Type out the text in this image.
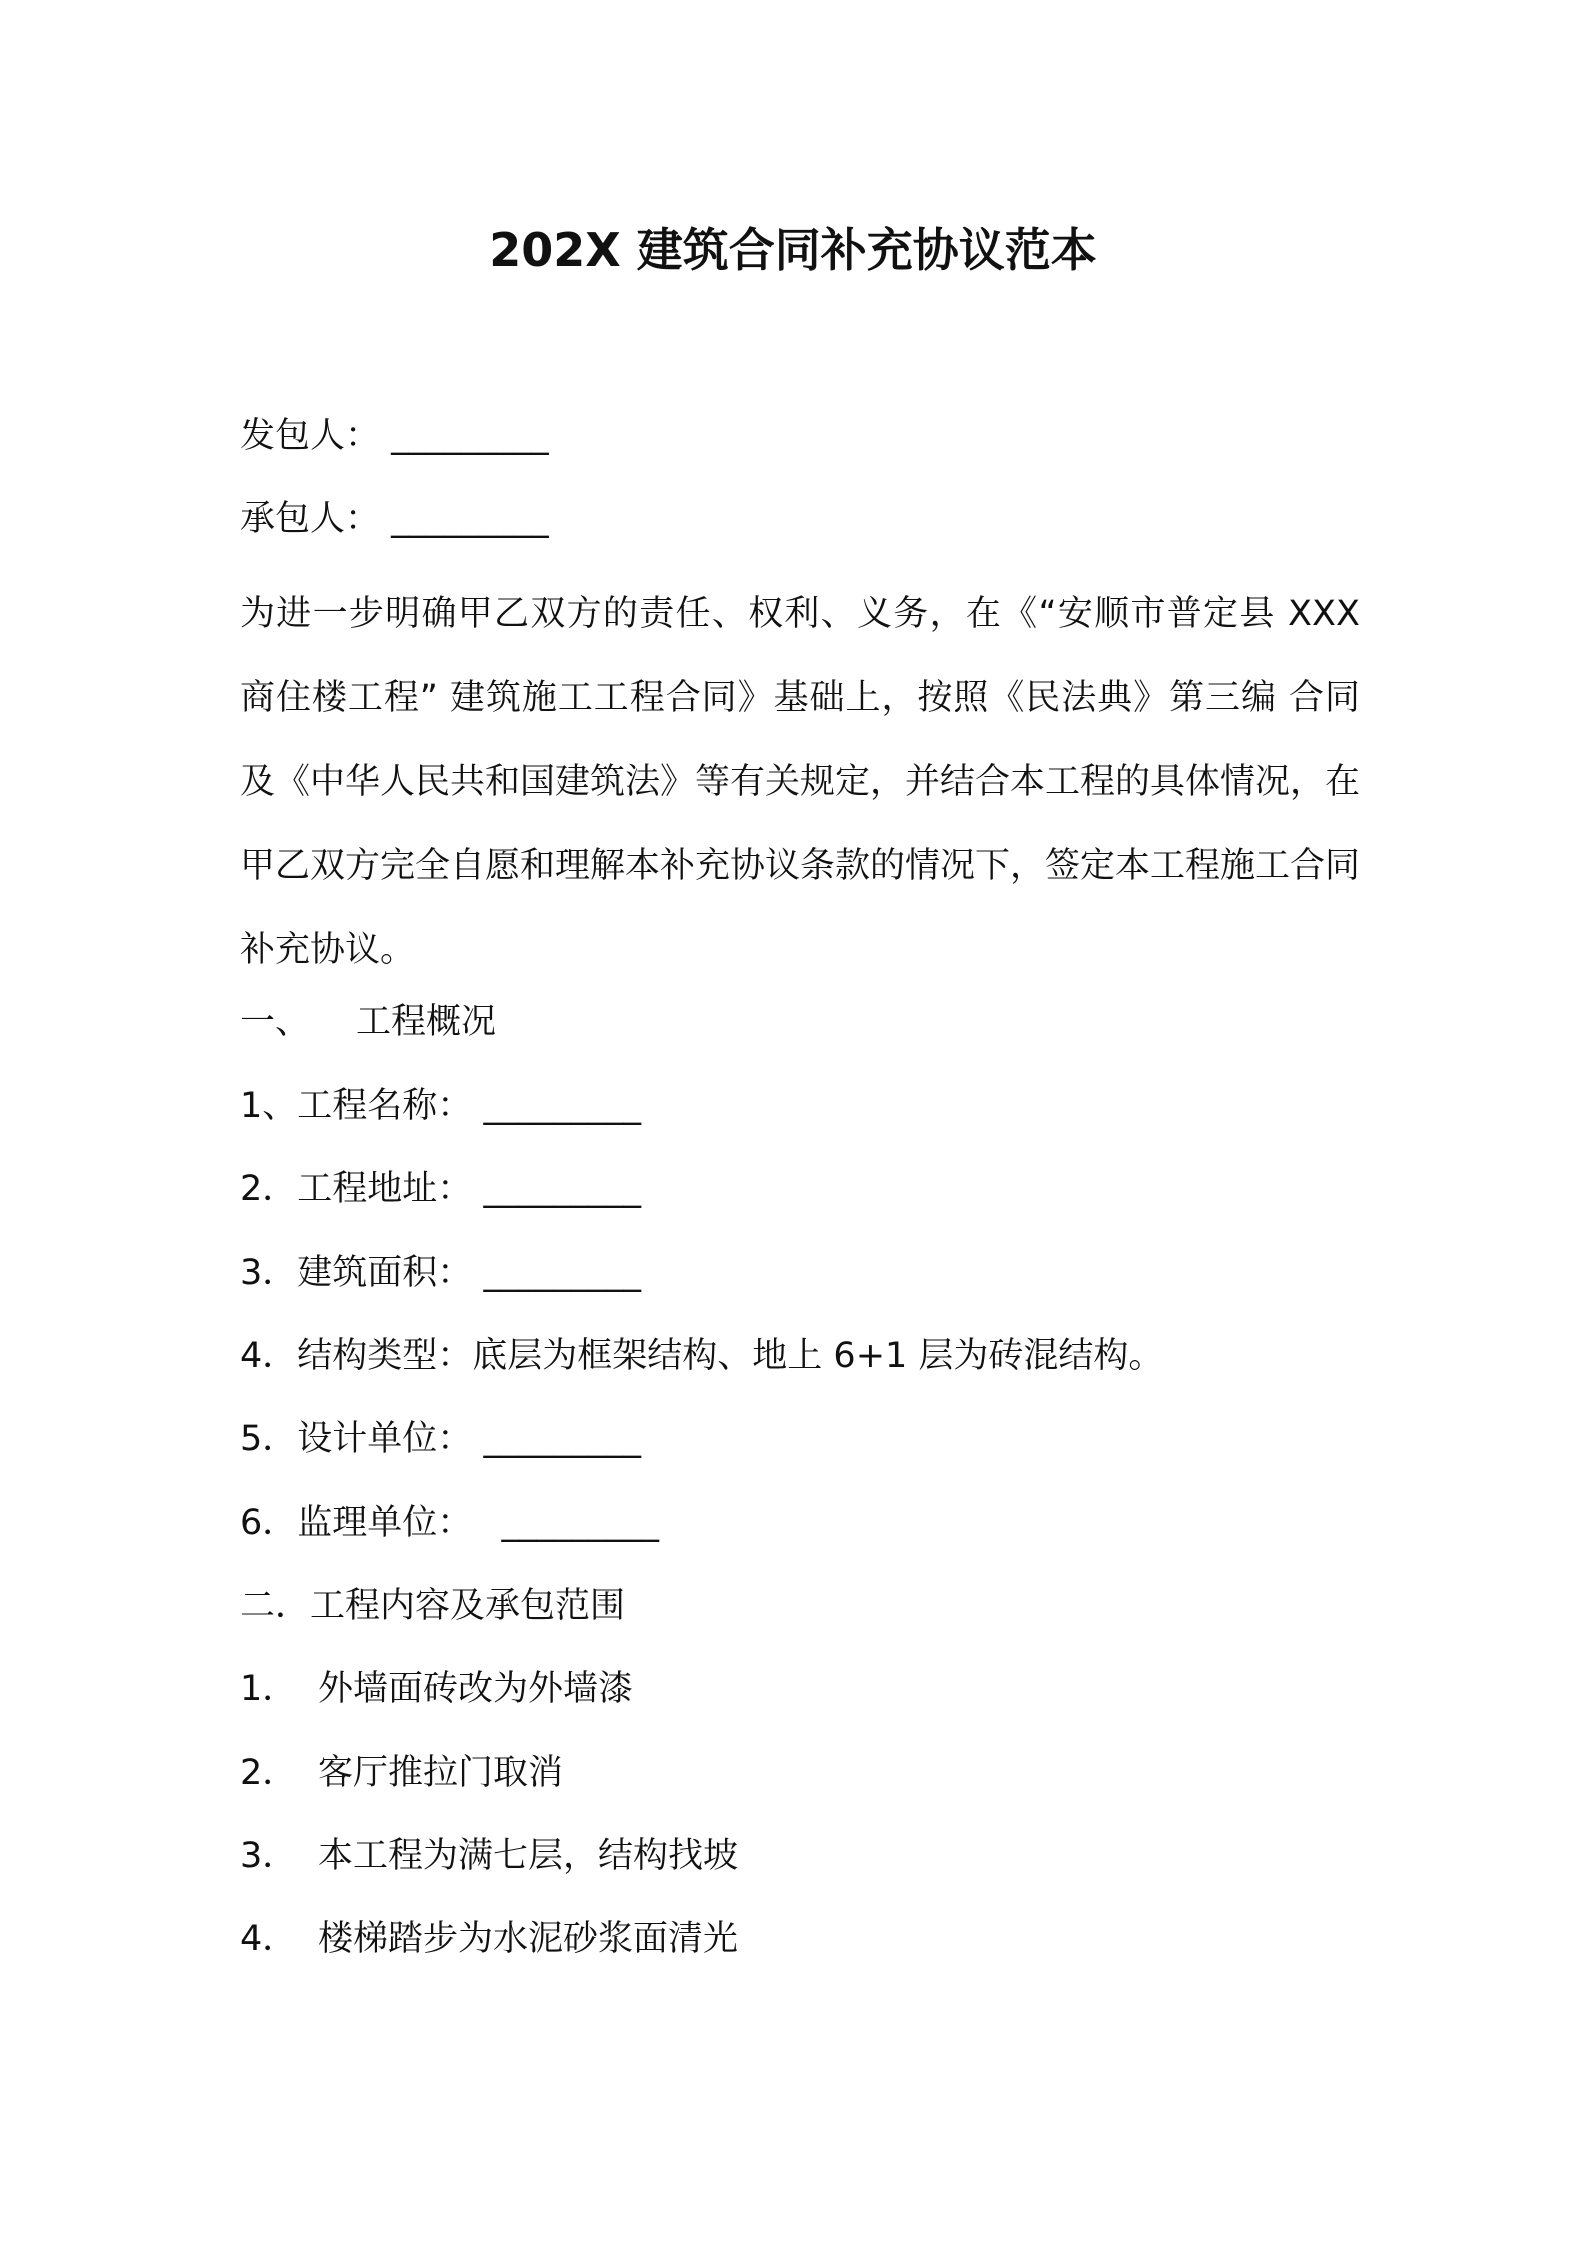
202X 建筑合同补充协议范本
发包人： _________
承包人： _________
为进一步明确甲乙双方的责任、权利、义务，在《“安顺市普定县 XXX 商住楼工程” 建筑施工工程合同》基础上，按照《民法典》第三编 合同及《中华人民共和国建筑法》等有关规定，并结合本工程的具体情况，在甲乙双方完全自愿和理解本补充协议条款的情况下，签定本工程施工合同补充协议。
一、 工程概况
1、工程名称： _________
2．工程地址： _________
3．建筑面积： _________
4．结构类型：底层为框架结构、地上 6+1 层为砖混结构。
5．设计单位： _________
6．监理单位： _________
二．工程内容及承包范围
1． 外墙面砖改为外墙漆
2． 客厅推拉门取消
3． 本工程为满七层，结构找坡
4． 楼梯踏步为水泥砂浆面清光
